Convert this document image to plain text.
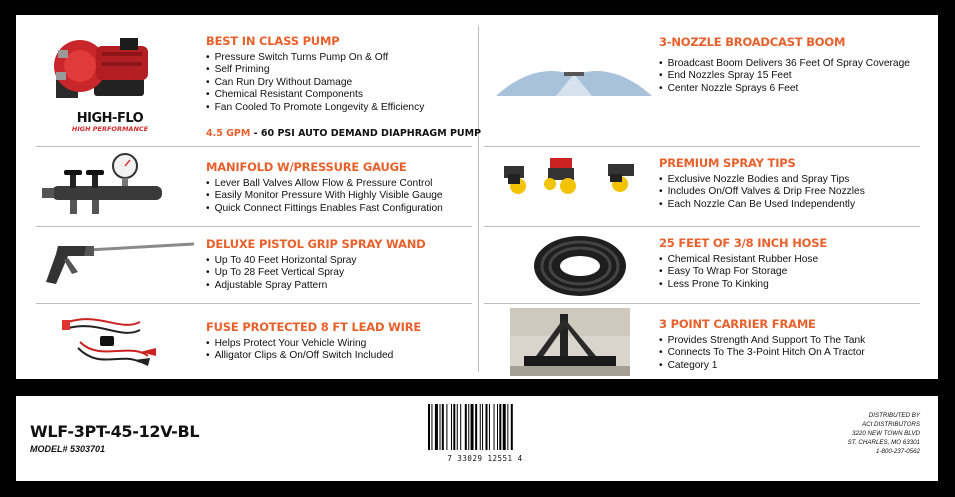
HIGH-FLO
HIGH PERFORMANCE
BEST IN CLASS PUMP
• Pressure Switch Turns Pump On & Off
• Self Priming
• Can Run Dry Without Damage
• Chemical Resistant Components
• Fan Cooled To Promote Longevity & Efficiency
4.5 GPM - 60 PSI AUTO DEMAND DIAPHRAGM PUMP
MANIFOLD W/PRESSURE GAUGE
• Lever Ball Valves Allow Flow & Pressure Control
• Easily Monitor Pressure With Highly Visible Gauge
• Quick Connect Fittings Enables Fast Configuration
DELUXE PISTOL GRIP SPRAY WAND
• Up To 40 Feet Horizontal Spray
• Up To 28 Feet Vertical Spray
• Adjustable Spray Pattern
FUSE PROTECTED 8 FT LEAD WIRE
• Helps Protect Your Vehicle Wiring
• Alligator Clips & On/Off Switch Included
3-NOZZLE BROADCAST BOOM
• Broadcast Boom Delivers 36 Feet Of Spray Coverage
• End Nozzles Spray 15 Feet
• Center Nozzle Sprays 6 Feet
PREMIUM SPRAY TIPS
• Exclusive Nozzle Bodies and Spray Tips
• Includes On/Off Valves & Drip Free Nozzles
• Each Nozzle Can Be Used Independently
25 FEET OF 3/8 INCH HOSE
• Chemical Resistant Rubber Hose
• Easy To Wrap For Storage
• Less Prone To Kinking
3 POINT CARRIER FRAME
• Provides Strength And Support To The Tank
• Connects To The 3-Point Hitch On A Tractor
• Category 1
WLF-3PT-45-12V-BL
MODEL# 5303701
7 33029 12551 4
DISTRIBUTED BY
ACI DISTRIBUTORS
3220 NEW TOWN BLVD
ST. CHARLES, MO 63301
1-800-237-0562
